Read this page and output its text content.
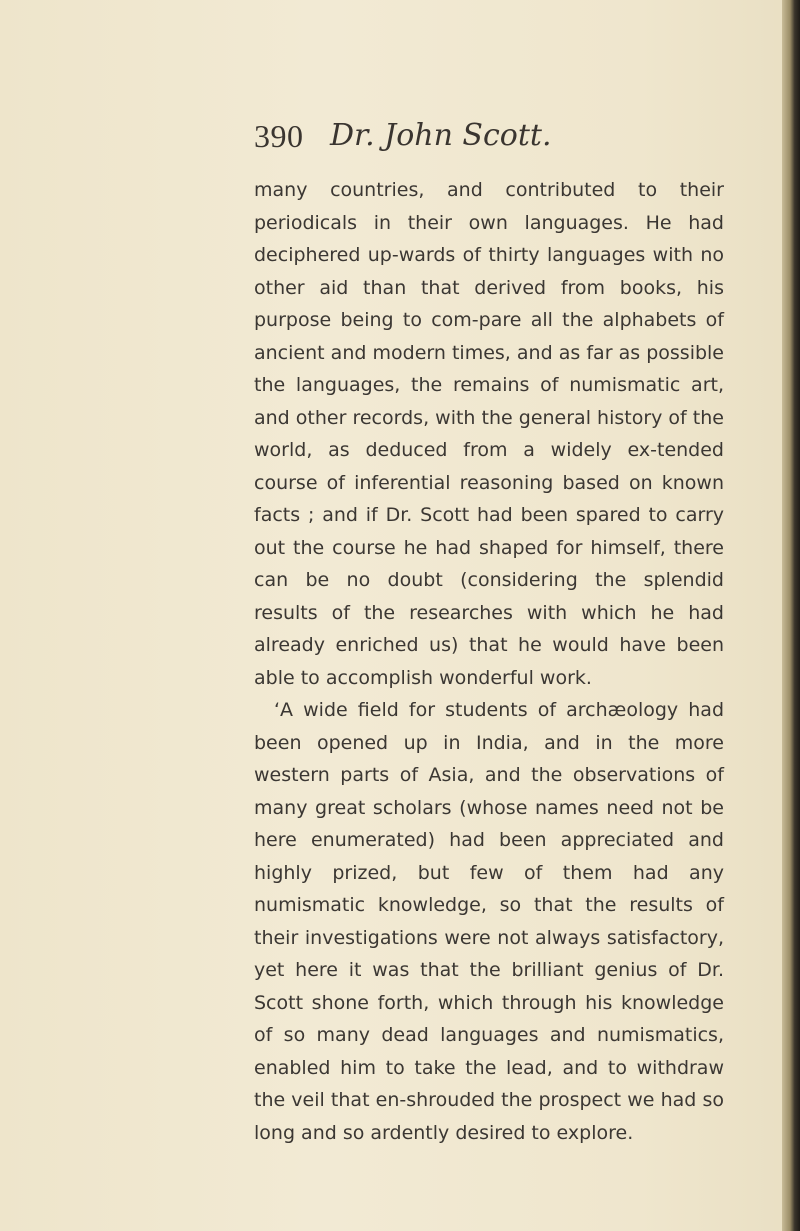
390 Dr. John Scott.

many countries, and contributed to their periodicals in their own languages. He had deciphered up-wards of thirty languages with no other aid than that derived from books, his purpose being to com-pare all the alphabets of ancient and modern times, and as far as possible the languages, the remains of numismatic art, and other records, with the general history of the world, as deduced from a widely ex-tended course of inferential reasoning based on known facts ; and if Dr. Scott had been spared to carry out the course he had shaped for himself, there can be no doubt (considering the splendid results of the researches with which he had already enriched us) that he would have been able to accomplish wonderful work.

‘A wide field for students of archæology had been opened up in India, and in the more western parts of Asia, and the observations of many great scholars (whose names need not be here enumerated) had been appreciated and highly prized, but few of them had any numismatic knowledge, so that the results of their investigations were not always satisfactory, yet here it was that the brilliant genius of Dr. Scott shone forth, which through his knowledge of so many dead languages and numismatics, enabled him to take the lead, and to withdraw the veil that en-shrouded the prospect we had so long and so ardently desired to explore.
